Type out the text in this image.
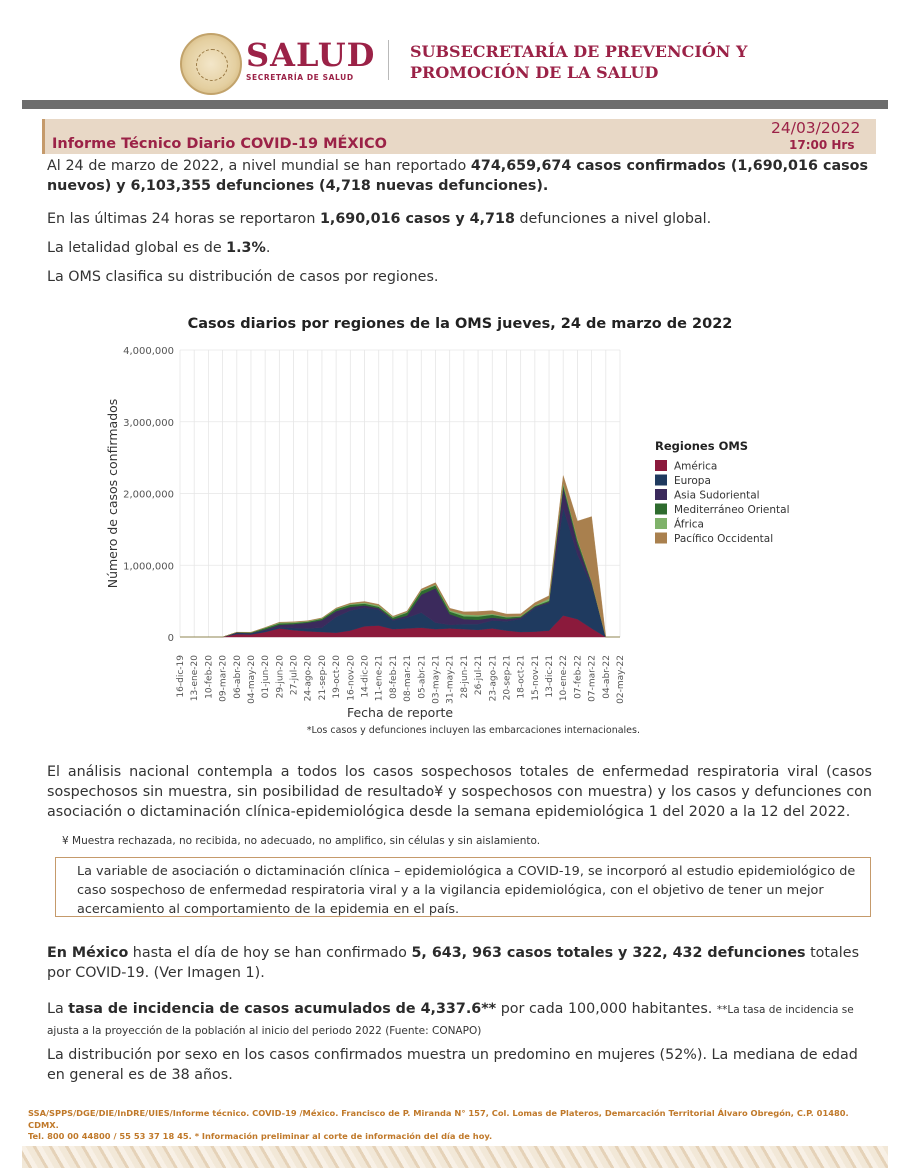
SALUD
SECRETARÍA DE SALUD
SUBSECRETARÍA DE PREVENCIÓN Y
PROMOCIÓN DE LA SALUD
Informe Técnico Diario COVID-19 MÉXICO
24/03/2022
17:00 Hrs

Al 24 de marzo de 2022, a nivel mundial se han reportado 474,659,674 casos confirmados (1,690,016 casos nuevos) y 6,103,355 defunciones (4,718 nuevas defunciones).

En las últimas 24 horas se reportaron 1,690,016 casos y 4,718 defunciones a nivel global.

La letalidad global es de 1.3%.

La OMS clasifica su distribución de casos por regiones.

Casos diarios por regiones de la OMS jueves, 24 de marzo de 2022
0
1,000,000
2,000,000
3,000,000
4,000,000
16-dic-19 13-ene-20 10-feb-20 09-mar-20 06-abr-20 04-may-20 01-jun-20 29-jun-20 27-jul-20 24-ago-20 21-sep-20 19-oct-20 16-nov-20 14-dic-20 11-ene-21 08-feb-21 08-mar-21 05-abr-21 03-may-21 31-may-21 28-jun-21 26-jul-21 23-ago-21 20-sep-21 18-oct-21 15-nov-21 13-dic-21 10-ene-22 07-feb-22 07-mar-22 04-abr-22 02-may-22
Fecha de reporte
Número de casos confirmados
*Los casos y defunciones incluyen las embarcaciones internacionales.
Regiones OMS
América
Europa
Asia Sudoriental
Mediterráneo Oriental
África
Pacífico Occidental

El análisis nacional contempla a todos los casos sospechosos totales de enfermedad respiratoria viral (casos sospechosos sin muestra, sin posibilidad de resultado¥ y sospechosos con muestra) y los casos y defunciones con asociación o dictaminación clínica-epidemiológica desde la semana epidemiológica 1 del 2020 a la 12 del 2022.

¥ Muestra rechazada, no recibida, no adecuado, no amplifico, sin células y sin aislamiento.
La variable de asociación o dictaminación clínica – epidemiológica a COVID-19, se incorporó al estudio epidemiológico de caso sospechoso de enfermedad respiratoria viral y a la vigilancia epidemiológica, con el objetivo de tener un mejor acercamiento al comportamiento de la epidemia en el país.

En México hasta el día de hoy se han confirmado 5, 643, 963 casos totales y 322, 432 defunciones totales por COVID-19. (Ver Imagen 1).

La tasa de incidencia de casos acumulados de 4,337.6** por cada 100,000 habitantes. **La tasa de incidencia se ajusta a la proyección de la población al inicio del periodo 2022 (Fuente: CONAPO)

La distribución por sexo en los casos confirmados muestra un predomino en mujeres (52%). La mediana de edad en general es de 38 años.

SSA/SPPS/DGE/DIE/InDRE/UIES/Informe técnico. COVID-19 /México. Francisco de P. Miranda N° 157, Col. Lomas de Plateros, Demarcación Territorial Álvaro Obregón, C.P. 01480. CDMX.
Tel. 800 00 44800 / 55 53 37 18 45. * Información preliminar al corte de información del día de hoy.
